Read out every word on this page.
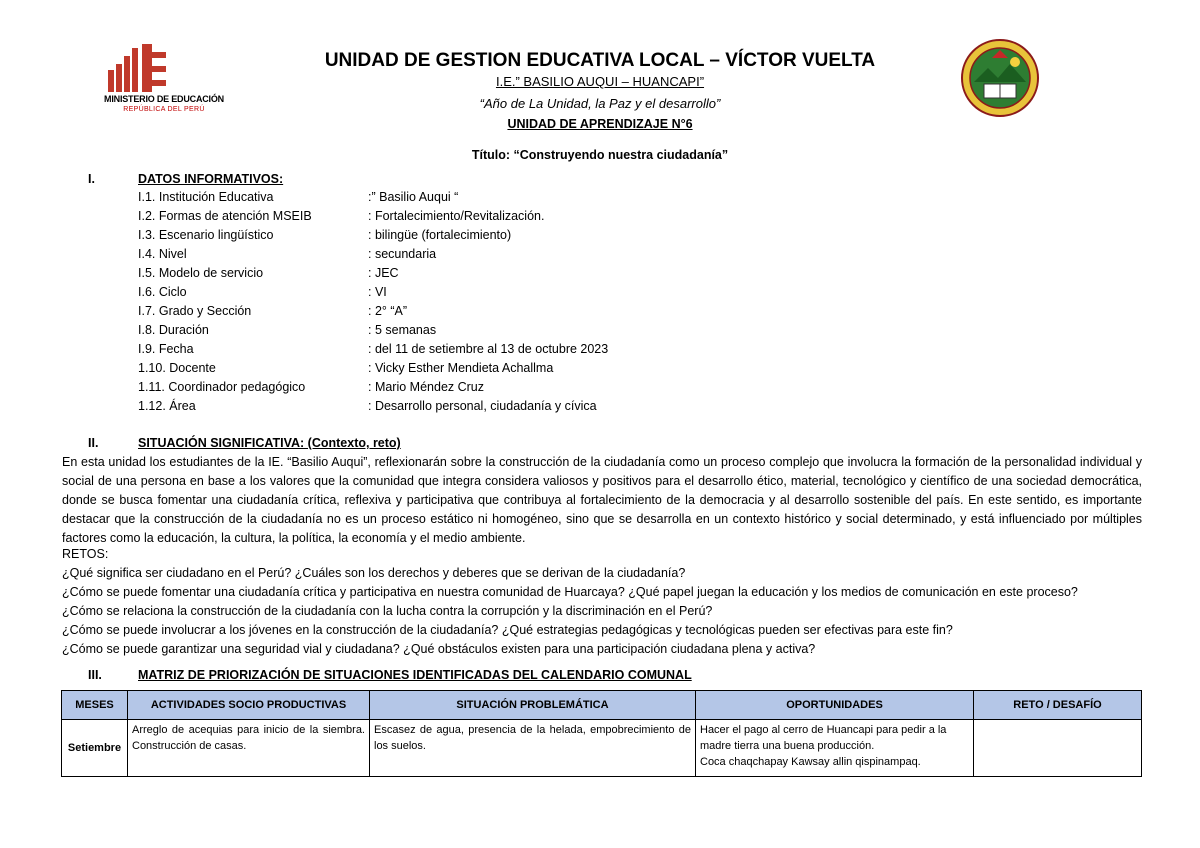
MINISTERIO DE EDUCACIÓN
REPÚBLICA DEL PERÚ
UNIDAD DE GESTION EDUCATIVA LOCAL – VÍCTOR VUELTA
I.E.” BASILIO AUQUI – HUANCAPI”
“Año de La Unidad, la Paz y el desarrollo”
UNIDAD DE APRENDIZAJE N°6
Título: “Construyendo nuestra ciudadanía”
I.	DATOS INFORMATIVOS:
I.1. Institución Educativa	:” Basilio Auqui “
I.2. Formas de atención MSEIB	: Fortalecimiento/Revitalización.
I.3. Escenario lingüístico	: bilingüe (fortalecimiento)
I.4. Nivel	: secundaria
I.5. Modelo de servicio	: JEC
I.6. Ciclo	: VI
I.7. Grado y Sección	: 2° “A”
I.8. Duración	: 5 semanas
I.9. Fecha	: del 11 de setiembre al 13 de octubre 2023
1.10. Docente	: Vicky Esther Mendieta Achallma
1.11. Coordinador pedagógico	: Mario Méndez Cruz
1.12. Área	: Desarrollo personal, ciudadanía y cívica
II.	SITUACIÓN SIGNIFICATIVA: (Contexto, reto)
En esta unidad los estudiantes de la IE. “Basilio Auqui”, reflexionarán sobre la construcción de la ciudadanía como un proceso complejo que involucra la formación de la personalidad individual y social de una persona en base a los valores que la comunidad que integra considera valiosos y positivos para el desarrollo ético, material, tecnológico y científico de una sociedad democrática, donde se busca fomentar una ciudadanía crítica, reflexiva y participativa que contribuya al fortalecimiento de la democracia y al desarrollo sostenible del país. En este sentido, es importante destacar que la construcción de la ciudadanía no es un proceso estático ni homogéneo, sino que se desarrolla en un contexto histórico y social determinado, y está influenciado por múltiples factores como la educación, la cultura, la política, la economía y el medio ambiente.
RETOS:
¿Qué significa ser ciudadano en el Perú? ¿Cuáles son los derechos y deberes que se derivan de la ciudadanía?
¿Cómo se puede fomentar una ciudadanía crítica y participativa en nuestra comunidad de Huarcaya? ¿Qué papel juegan la educación y los medios de comunicación en este proceso?
¿Cómo se relaciona la construcción de la ciudadanía con la lucha contra la corrupción y la discriminación en el Perú?
¿Cómo se puede involucrar a los jóvenes en la construcción de la ciudadanía? ¿Qué estrategias pedagógicas y tecnológicas pueden ser efectivas para este fin?
¿Cómo se puede garantizar una seguridad vial y ciudadana? ¿Qué obstáculos existen para una participación ciudadana plena y activa?
III.	MATRIZ DE PRIORIZACIÓN DE SITUACIONES IDENTIFICADAS DEL CALENDARIO COMUNAL
MESES	ACTIVIDADES SOCIO PRODUCTIVAS	SITUACIÓN PROBLEMÁTICA	OPORTUNIDADES	RETO / DESAFÍO
Setiembre	Arreglo de acequias para inicio de la siembra. Construcción de casas.	Escasez de agua, presencia de la helada, empobrecimiento de los suelos.	Hacer el pago al cerro de Huancapi para pedir a la madre tierra una buena producción.
Coca chaqchapay Kawsay allin qispinampaq.	
